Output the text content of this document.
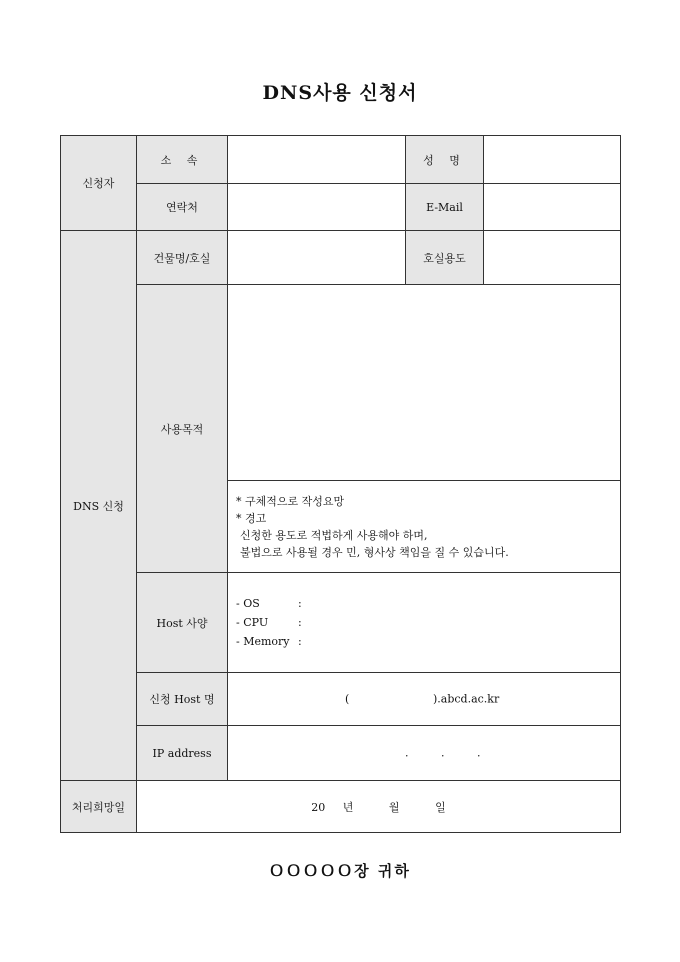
DNS사용 신청서
신청자	소 속		성 명	
	연락처		E-Mail	
DNS 신청	건물명/호실		호실용도	
	사용목적			

		* 구체적으로 작성요망
* 경고
신청한 용도로 적법하게 사용해야 하며,
불법으로 사용될 경우 민, 형사상 책임을 질 수 있습니다.		

	Host 사양	- OS :
- CPU :
- Memory :		

	신청 Host 명	( ).abcd.ac.kr		

	IP address	. . .		

처리희망일	20 년 월 일			
ＯＯＯＯＯ장 귀하
